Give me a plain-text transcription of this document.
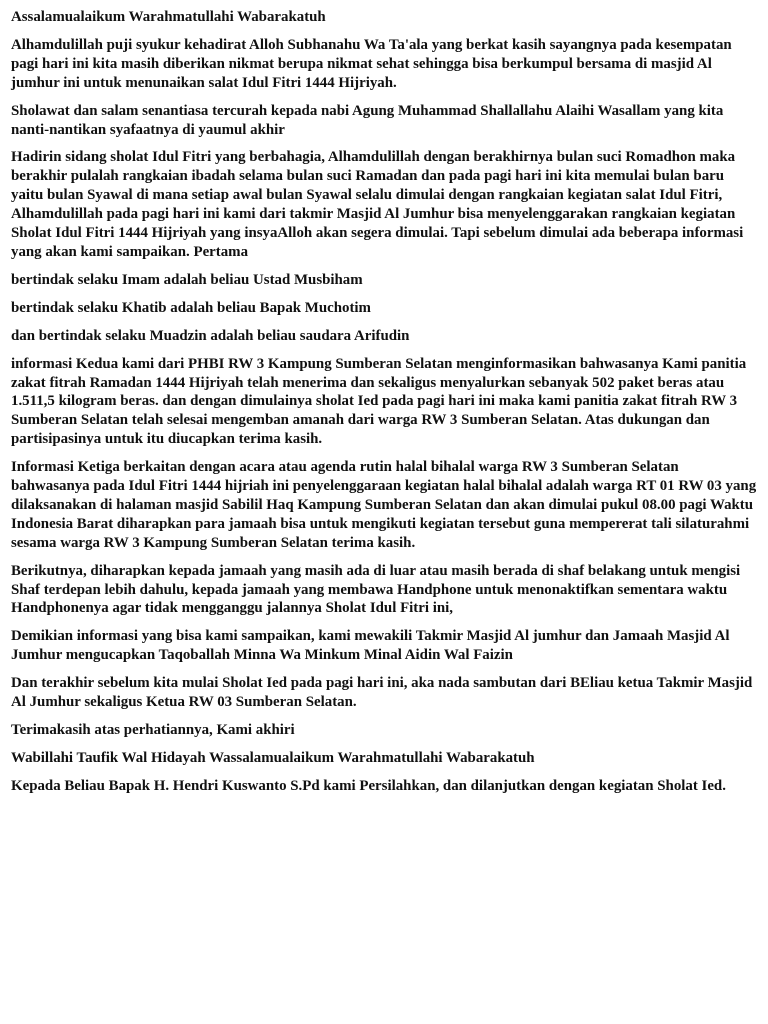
Assalamualaikum Warahmatullahi Wabarakatuh

Alhamdulillah puji syukur kehadirat Alloh Subhanahu Wa Ta'ala yang berkat kasih sayangnya pada kesempatan pagi hari ini kita masih diberikan nikmat berupa nikmat sehat sehingga bisa berkumpul bersama di masjid Al jumhur ini untuk menunaikan salat Idul Fitri 1444 Hijriyah.

Sholawat dan salam senantiasa tercurah kepada nabi Agung Muhammad Shallallahu Alaihi Wasallam yang kita nanti-nantikan syafaatnya di yaumul akhir

Hadirin sidang sholat Idul Fitri yang berbahagia, Alhamdulillah dengan berakhirnya bulan suci Romadhon maka berakhir pulalah rangkaian ibadah selama bulan suci Ramadan dan pada pagi hari ini kita memulai bulan baru yaitu bulan Syawal di mana setiap awal bulan Syawal selalu dimulai dengan rangkaian kegiatan salat Idul Fitri, Alhamdulillah pada pagi hari ini kami dari takmir Masjid Al Jumhur bisa menyelenggarakan rangkaian kegiatan Sholat Idul Fitri 1444 Hijriyah yang insyaAlloh akan segera dimulai. Tapi sebelum dimulai ada beberapa informasi yang akan kami sampaikan. Pertama

bertindak selaku Imam adalah beliau Ustad Musbiham

bertindak selaku Khatib adalah beliau Bapak Muchotim

dan bertindak selaku Muadzin adalah beliau saudara Arifudin

informasi Kedua kami dari PHBI RW 3 Kampung Sumberan Selatan menginformasikan bahwasanya Kami panitia zakat fitrah Ramadan 1444 Hijriyah telah menerima dan sekaligus menyalurkan sebanyak 502 paket beras atau 1.511,5 kilogram beras. dan dengan dimulainya sholat Ied pada pagi hari ini maka kami panitia zakat fitrah RW 3 Sumberan Selatan telah selesai mengemban amanah dari warga RW 3 Sumberan Selatan. Atas dukungan dan partisipasinya untuk itu diucapkan terima kasih.

Informasi Ketiga berkaitan dengan acara atau agenda rutin halal bihalal warga RW 3 Sumberan Selatan bahwasanya pada Idul Fitri 1444 hijriah ini penyelenggaraan kegiatan halal bihalal adalah warga RT 01 RW 03 yang dilaksanakan di halaman masjid Sabilil Haq Kampung Sumberan Selatan dan akan dimulai pukul 08.00 pagi Waktu Indonesia Barat diharapkan para jamaah bisa untuk mengikuti kegiatan tersebut guna mempererat tali silaturahmi sesama warga RW 3 Kampung Sumberan Selatan terima kasih.

Berikutnya, diharapkan kepada jamaah yang masih ada di luar atau masih berada di shaf belakang untuk mengisi Shaf terdepan lebih dahulu, kepada jamaah yang membawa Handphone untuk menonaktifkan sementara waktu Handphonenya agar tidak mengganggu jalannya Sholat Idul Fitri ini,

Demikian informasi yang bisa kami sampaikan, kami mewakili Takmir Masjid Al jumhur dan Jamaah Masjid Al Jumhur mengucapkan Taqoballah Minna Wa Minkum Minal Aidin Wal Faizin

Dan terakhir sebelum kita mulai Sholat Ied pada pagi hari ini, aka nada sambutan dari BEliau ketua Takmir Masjid Al Jumhur sekaligus Ketua RW 03 Sumberan Selatan.

Terimakasih atas perhatiannya, Kami akhiri

Wabillahi Taufik Wal Hidayah Wassalamualaikum Warahmatullahi Wabarakatuh

Kepada Beliau Bapak H. Hendri Kuswanto S.Pd kami Persilahkan, dan dilanjutkan dengan kegiatan Sholat Ied.
